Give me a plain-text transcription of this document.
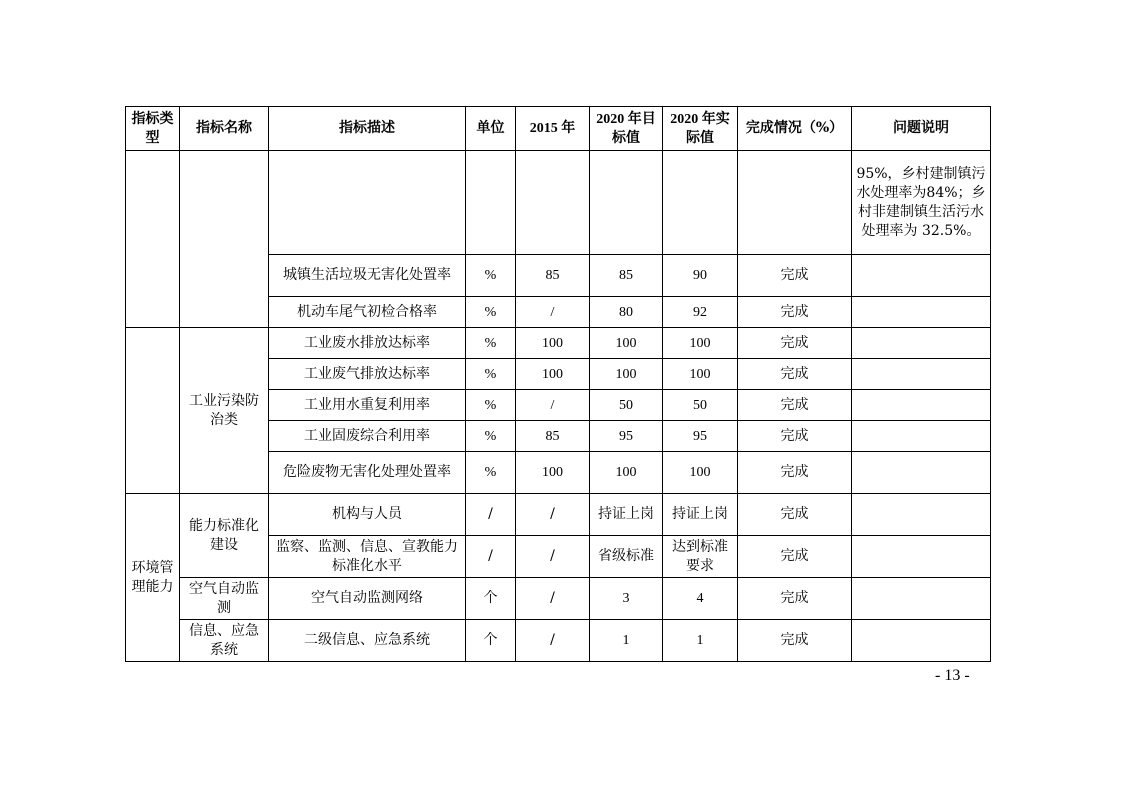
指标类型	指标名称	指标描述	单位	2015 年	2020 年目标值	2020 年实际值	完成情况（%）	问题说明
								95%，乡村建制镇污水处理率为84%；乡村非建制镇生活污水处理率为 32.5%。
		城镇生活垃圾无害化处置率	%	85	85	90	完成	
		机动车尾气初检合格率	%	/	80	92	完成	
	工业污染防治类	工业废水排放达标率	%	100	100	100	完成	
		工业废气排放达标率	%	100	100	100	完成	
		工业用水重复利用率	%	/	50	50	完成	
		工业固废综合利用率	%	85	95	95	完成	
		危险废物无害化处理处置率	%	100	100	100	完成	
环境管理能力	能力标准化建设	机构与人员	/	/	持证上岗	持证上岗	完成	
		监察、监测、信息、宣教能力标准化水平	/	/	省级标准	达到标准要求	完成	
	空气自动监测	空气自动监测网络	个	/	3	4	完成	
	信息、应急系统	二级信息、应急系统	个	/	1	1	完成	
- 13 -
